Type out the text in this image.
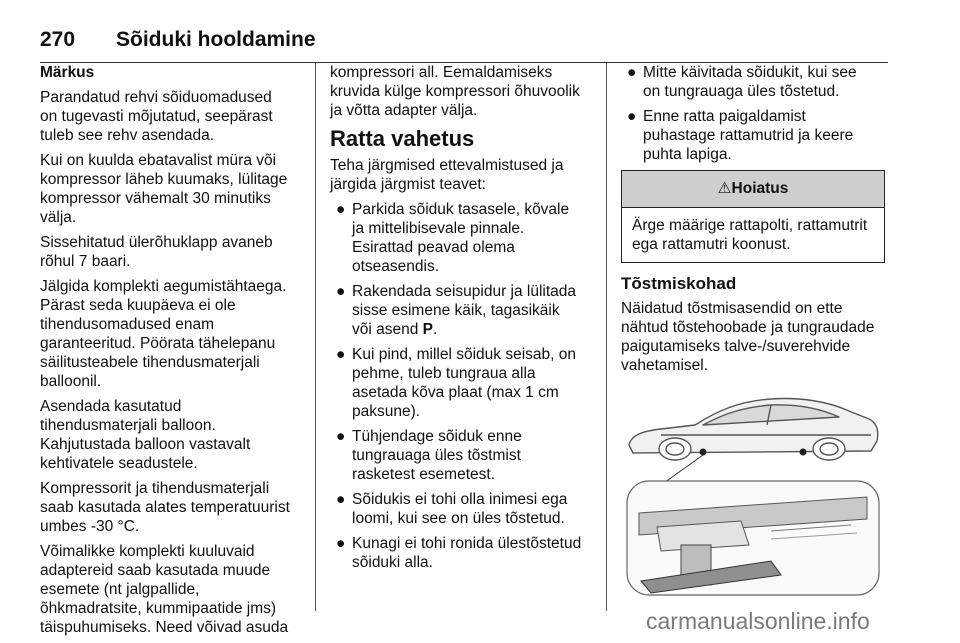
270 Sõiduki hooldamine

Märkus

Parandatud rehvi sõiduomadused
on tugevasti mõjutatud, seepärast
tuleb see rehv asendada.

Kui on kuulda ebatavalist müra või
kompressor läheb kuumaks, lülitage
kompressor vähemalt 30 minutiks
välja.

Sissehitatud ülerõhuklapp avaneb
rõhul 7 baari.

Jälgida komplekti aegumistähtaega.
Pärast seda kuupäeva ei ole
tihendusomadused enam
garanteeritud. Pöörata tähelepanu
säilitusteabele tihendusmaterjali
balloonil.

Asendada kasutatud
tihendusmaterjali balloon.
Kahjutustada balloon vastavalt
kehtivatele seadustele.

Kompressorit ja tihendusmaterjali
saab kasutada alates temperatuurist
umbes -30 °C.

Võimalikke komplekti kuuluvaid
adaptereid saab kasutada muude
esemete (nt jalgpallide,
õhkmadratsite, kummipaatide jms)
täispuhumiseks. Need võivad asuda

kompressori all. Eemaldamiseks
kruvida külge kompressori õhuvoolik
ja võtta adapter välja.

Ratta vahetus

Teha järgmised ettevalmistused ja
järgida järgmist teavet:

● Parkida sõiduk tasasele, kõvale
ja mittelibisevale pinnale.
Esirattad peavad olema
otseasendis.
● Rakendada seisupidur ja lülitada
sisse esimene käik, tagasikäik
või asend P.
● Kui pind, millel sõiduk seisab, on
pehme, tuleb tungraua alla
asetada kõva plaat (max 1 cm
paksune).
● Tühjendage sõiduk enne
tungrauaga üles tõstmist
rasketest esemetest.
● Sõidukis ei tohi olla inimesi ega
loomi, kui see on üles tõstetud.
● Kunagi ei tohi ronida ülestõstetud
sõiduki alla.
● Mitte käivitada sõidukit, kui see
on tungrauaga üles tõstetud.
● Enne ratta paigaldamist
puhastage rattamutrid ja keere
puhta lapiga.
⚠Hoiatus
Ärge määrige rattapolti, rattamutrit
ega rattamutri koonust.
Tõstmiskohad

Näidatud tõstmisasendid on ette
nähtud tõstehoobade ja tungraudade
paigutamiseks talve-/suverehvide
vahetamisel.

carmanualsonline.info
